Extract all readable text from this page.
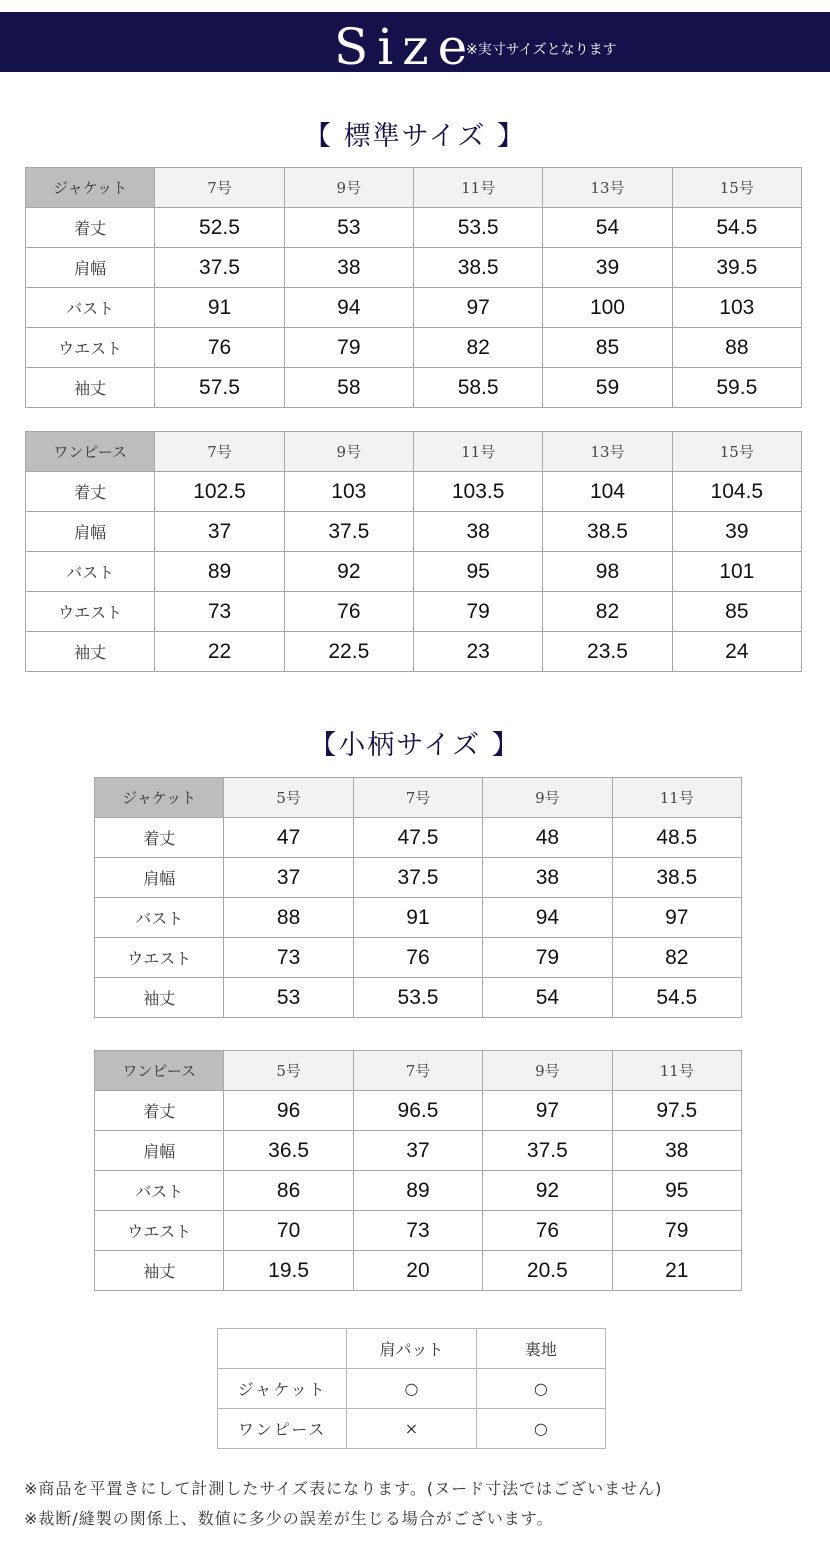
Size
※実寸サイズとなります
【 標準サイズ 】
ジャケット	7号	9号	11号	13号	15号
着丈	52.5	53	53.5	54	54.5
肩幅	37.5	38	38.5	39	39.5
バスト	91	94	97	100	103
ウエスト	76	79	82	85	88
袖丈	57.5	58	58.5	59	59.5
ワンピース	7号	9号	11号	13号	15号
着丈	102.5	103	103.5	104	104.5
肩幅	37	37.5	38	38.5	39
バスト	89	92	95	98	101
ウエスト	73	76	79	82	85
袖丈	22	22.5	23	23.5	24
【小柄サイズ 】
ジャケット	5号	7号	9号	11号
着丈	47	47.5	48	48.5
肩幅	37	37.5	38	38.5
バスト	88	91	94	97
ウエスト	73	76	79	82
袖丈	53	53.5	54	54.5
ワンピース	5号	7号	9号	11号
着丈	96	96.5	97	97.5
肩幅	36.5	37	37.5	38
バスト	86	89	92	95
ウエスト	70	73	76	79
袖丈	19.5	20	20.5	21
	肩パット	裏地
ジャケット	○	○
ワンピース	×	○
※商品を平置きにして計測したサイズ表になります。(ヌード寸法ではございません)
※裁断/縫製の関係上、数値に多少の誤差が生じる場合がございます。
